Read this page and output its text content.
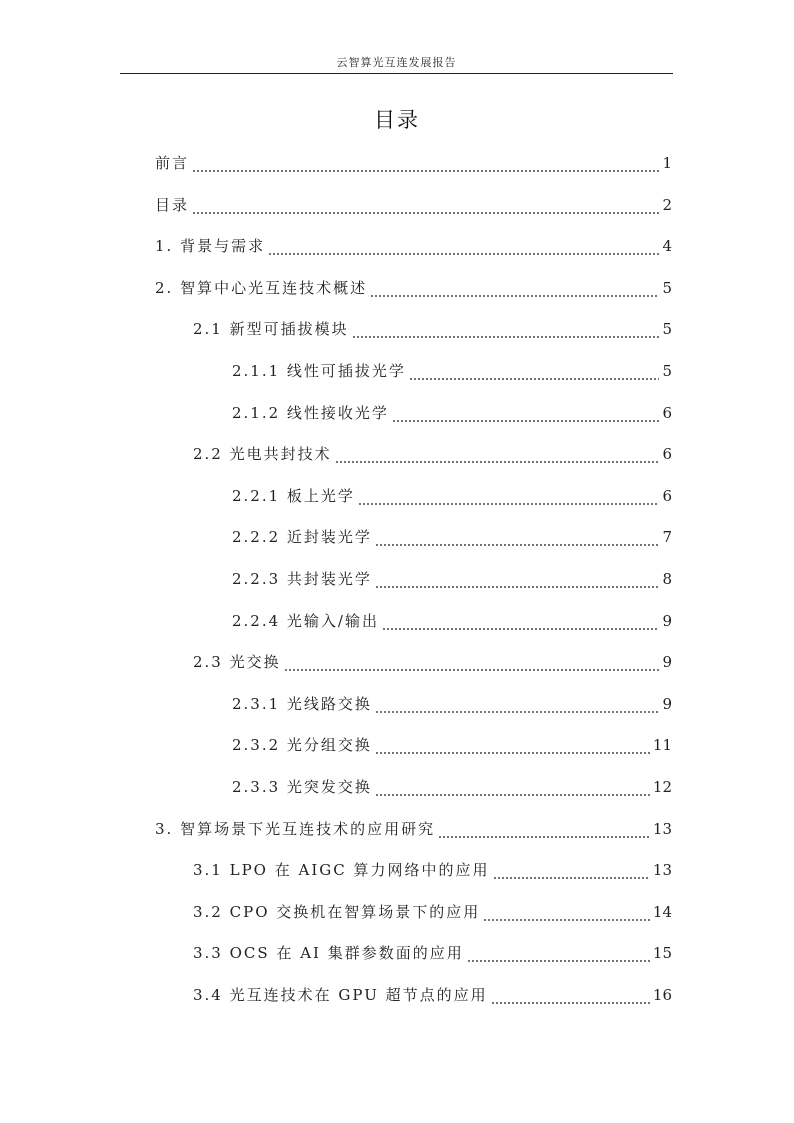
云智算光互连发展报告
目录
前言	1
目录	2
1. 背景与需求	4
2. 智算中心光互连技术概述	5
2.1 新型可插拔模块	5
2.1.1 线性可插拔光学	5
2.1.2 线性接收光学	6
2.2 光电共封技术	6
2.2.1 板上光学	6
2.2.2 近封装光学	7
2.2.3 共封装光学	8
2.2.4 光输入/输出	9
2.3 光交换	9
2.3.1 光线路交换	9
2.3.2 光分组交换	11
2.3.3 光突发交换	12
3. 智算场景下光互连技术的应用研究	13
3.1 LPO 在 AIGC 算力网络中的应用	13
3.2 CPO 交换机在智算场景下的应用	14
3.3 OCS 在 AI 集群参数面的应用	15
3.4 光互连技术在 GPU 超节点的应用	16
